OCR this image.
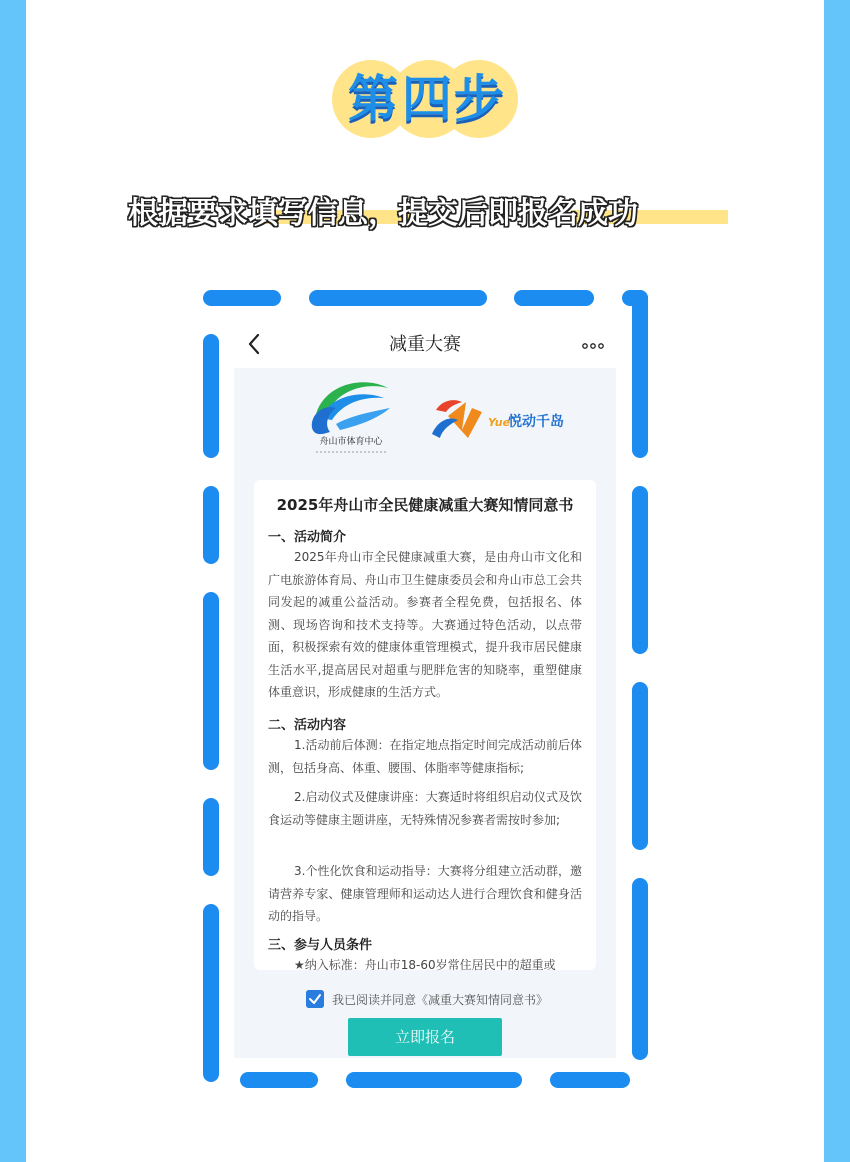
第 四 步
根据要求填写信息，提交后即报名成功
减重大赛
舟山市体育中心
Yue
悦动千岛
2025年舟山市全民健康减重大赛知情同意书
一、活动简介
2025年舟山市全民健康减重大赛，是由舟山市文化和广电旅游体育局、舟山市卫生健康委员会和舟山市总工会共同发起的减重公益活动。参赛者全程免费，包括报名、体测、现场咨询和技术支持等。大赛通过特色活动，以点带面，积极探索有效的健康体重管理模式，提升我市居民健康生活水平,提高居民对超重与肥胖危害的知晓率，重塑健康体重意识，形成健康的生活方式。
二、活动内容
1.活动前后体测：在指定地点指定时间完成活动前后体测，包括身高、体重、腰围、体脂率等健康指标;
2.启动仪式及健康讲座：大赛适时将组织启动仪式及饮食运动等健康主题讲座，无特殊情况参赛者需按时参加;
3.个性化饮食和运动指导：大赛将分组建立活动群，邀请营养专家、健康管理师和运动达人进行合理饮食和健身活动的指导。
三、参与人员条件
★纳入标准：舟山市18-60岁常住居民中的超重或
我已阅读并同意《减重大赛知情同意书》
立即报名
